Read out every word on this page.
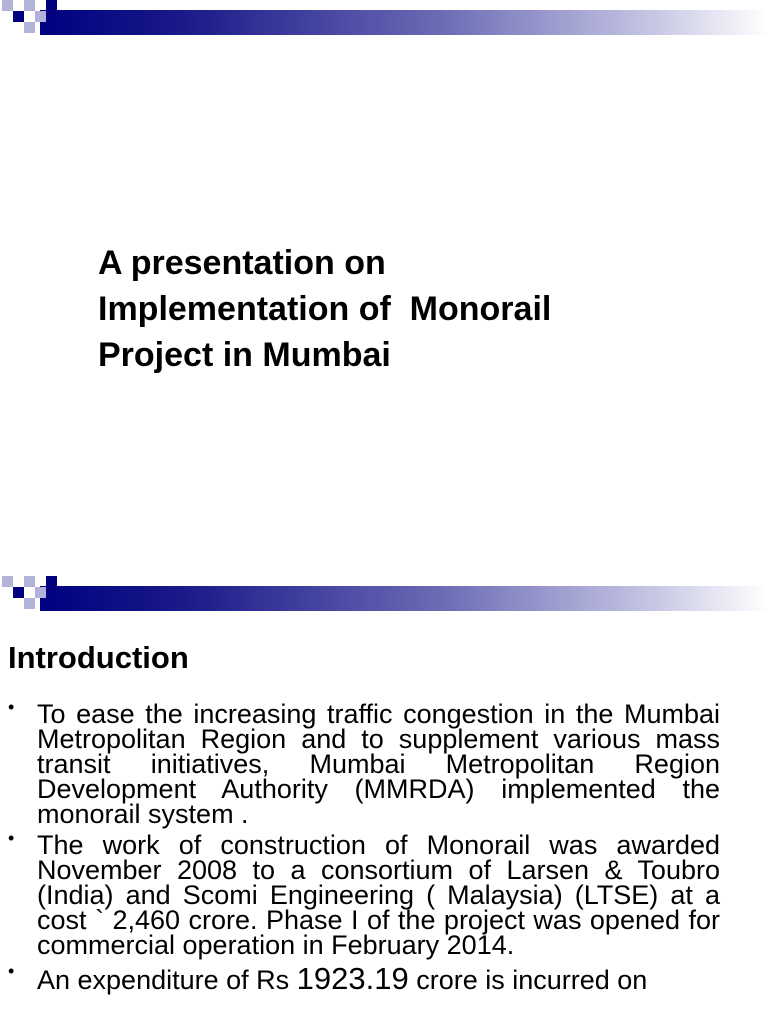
A presentation on
Implementation of  Monorail
Project in Mumbai
Introduction
• To ease the increasing traffic congestion in the Mumbai Metropolitan Region and to supplement various mass transit initiatives, Mumbai Metropolitan Region Development Authority (MMRDA) implemented the monorail system .
• The work of construction of Monorail was awarded November 2008 to a consortium of Larsen & Toubro (India) and Scomi Engineering ( Malaysia) (LTSE) at a cost ` 2,460 crore. Phase I of the project was opened for commercial operation in February 2014.
• An expenditure of Rs 1923.19 crore is incurred on
